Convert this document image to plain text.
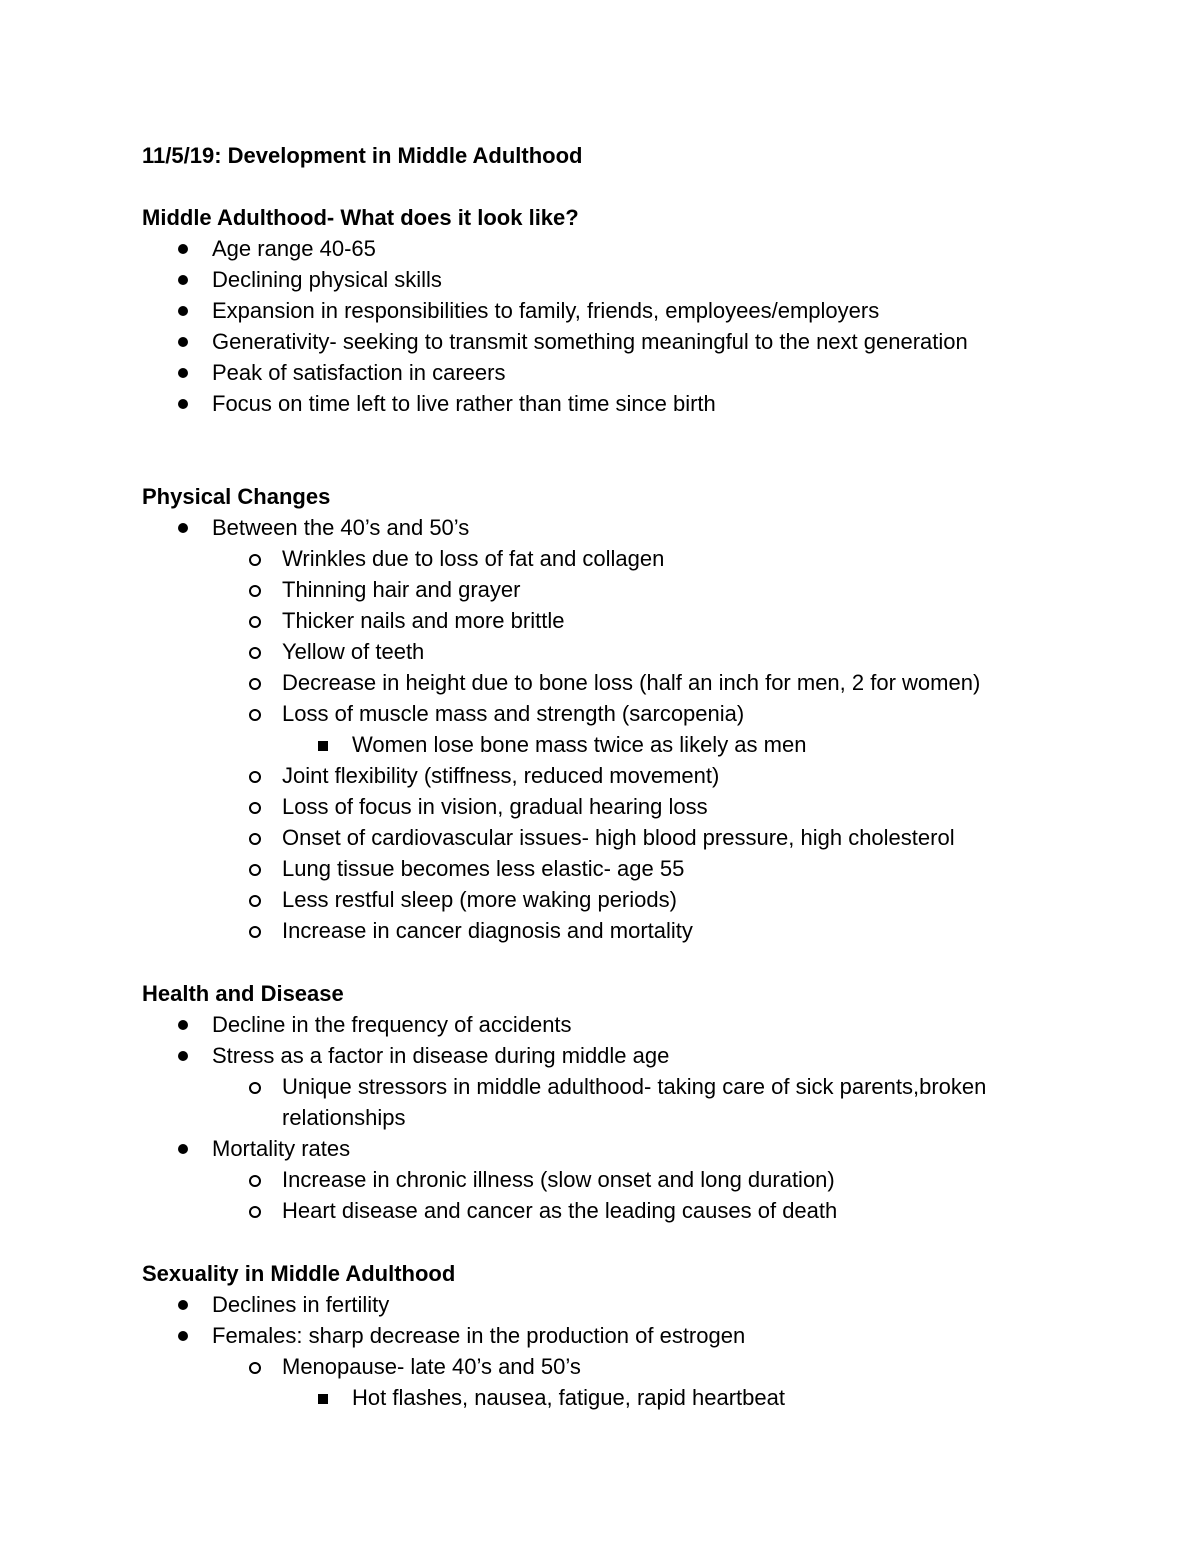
11/5/19: Development in Middle Adulthood
Middle Adulthood- What does it look like?
Age range 40-65
Declining physical skills
Expansion in responsibilities to family, friends, employees/employers
Generativity- seeking to transmit something meaningful to the next generation
Peak of satisfaction in careers
Focus on time left to live rather than time since birth
Physical Changes
Between the 40’s and 50’s
Wrinkles due to loss of fat and collagen
Thinning hair and grayer
Thicker nails and more brittle
Yellow of teeth
Decrease in height due to bone loss (half an inch for men, 2 for women)
Loss of muscle mass and strength (sarcopenia)
Women lose bone mass twice as likely as men
Joint flexibility (stiffness, reduced movement)
Loss of focus in vision, gradual hearing loss
Onset of cardiovascular issues- high blood pressure, high cholesterol
Lung tissue becomes less elastic- age 55
Less restful sleep (more waking periods)
Increase in cancer diagnosis and mortality
Health and Disease
Decline in the frequency of accidents
Stress as a factor in disease during middle age
Unique stressors in middle adulthood- taking care of sick parents,broken
relationships
Mortality rates
Increase in chronic illness (slow onset and long duration)
Heart disease and cancer as the leading causes of death
Sexuality in Middle Adulthood
Declines in fertility
Females: sharp decrease in the production of estrogen
Menopause- late 40’s and 50’s
Hot flashes, nausea, fatigue, rapid heartbeat
